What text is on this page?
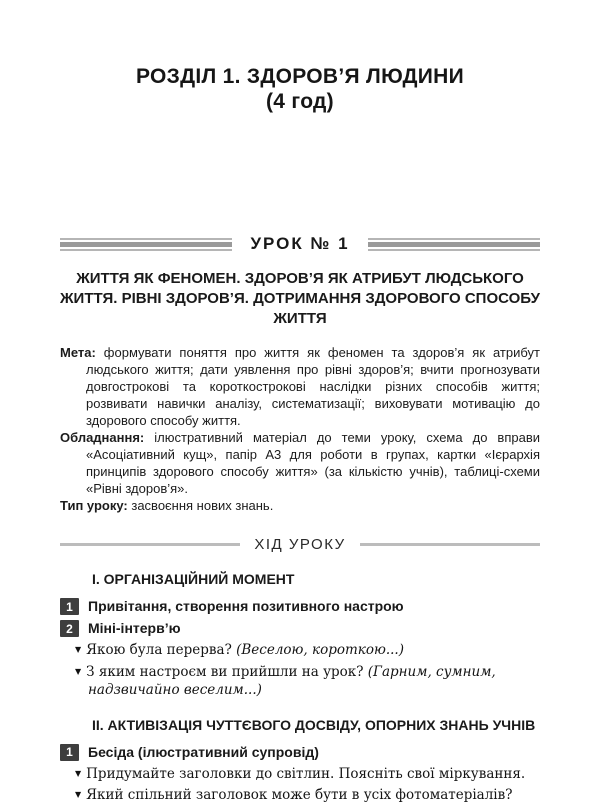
РОЗДІЛ 1. ЗДОРОВ’Я ЛЮДИНИ
(4 год)
УРОК № 1
ЖИТТЯ ЯК ФЕНОМЕН. ЗДОРОВ’Я ЯК АТРИБУТ ЛЮДСЬКОГО ЖИТТЯ. РІВНІ ЗДОРОВ’Я. ДОТРИМАННЯ ЗДОРОВОГО СПОСОБУ ЖИТТЯ

Мета: формувати поняття про життя як феномен та здоров’я як атрибут людського життя; дати уявлення про рівні здоров’я; вчити прогнозувати довгострокові та короткострокові наслідки різних способів життя; розвивати навички аналізу, систематизації; виховувати мотивацію до здорового способу життя.

Обладнання: ілюстративний матеріал до теми уроку, схема до вправи «Асоціативний кущ», папір А3 для роботи в групах, картки «Ієрархія принципів здорового способу життя» (за кількістю учнів), таблиці-схеми «Рівні здоров’я».

Тип уроку: засвоєння нових знань.

ХІД УРОКУ
І. ОРГАНІЗАЦІЙНИЙ МОМЕНТ
1	Привітання, створення позитивного настрою
2	Міні-інтерв’ю
▼ Якою була перерва? (Веселою, короткою...)
▼ З яким настроєм ви прийшли на урок? (Гарним, сумним, надзвичайно веселим...)
ІІ. АКТИВІЗАЦІЯ ЧУТТЄВОГО ДОСВІДУ, ОПОРНИХ ЗНАНЬ УЧНІВ
1	Бесіда (ілюстративний супровід)
▼ Придумайте заголовки до світлин. Поясніть свої міркування.
▼ Який спільний заголовок може бути в усіх фотоматеріалів?
